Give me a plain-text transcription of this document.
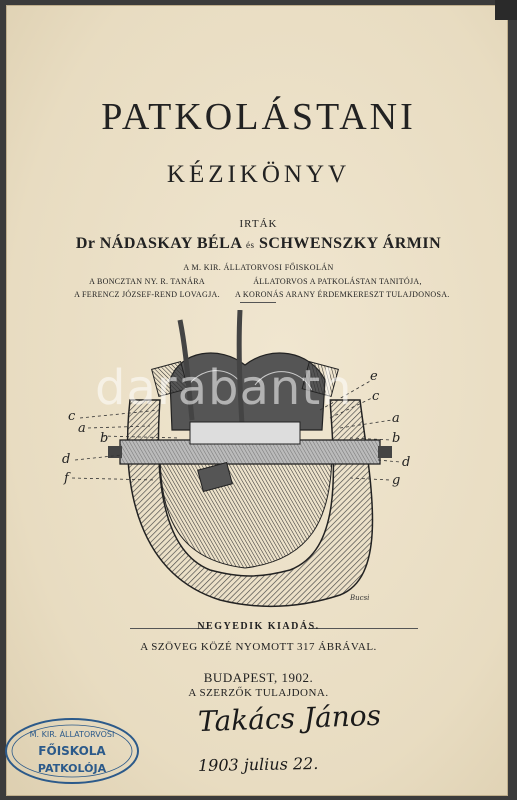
PATKOLÁSTANI
KÉZIKÖNYV
IRTÁK
Dr NÁDASKAY BÉLA és SCHWENSZKY ÁRMIN
A M. KIR. ÁLLATORVOSI FŐISKOLÁN
A BONCZTAN NY. R. TANÁRA
A FERENCZ JÓZSEF-REND LOVAGJA.
ÁLLATORVOS A PATKOLÁSTAN TANITÓJA,
A KORONÁS ARANY ÉRDEMKERESZT TULAJDONOSA.
c
a
b
d
f
e
c
a
b
d
g
Bucsi
darabanth
NEGYEDIK KIADÁS.
A SZÖVEG KÖZÉ NYOMOTT 317 ÁBRÁVAL.
BUDAPEST, 1902.
A SZERZŐK TULAJDONA.
M. KIR. ÁLLATORVOSI
FŐISKOLA
PATKOLÓJA
Takács János
1903 julius 22.
